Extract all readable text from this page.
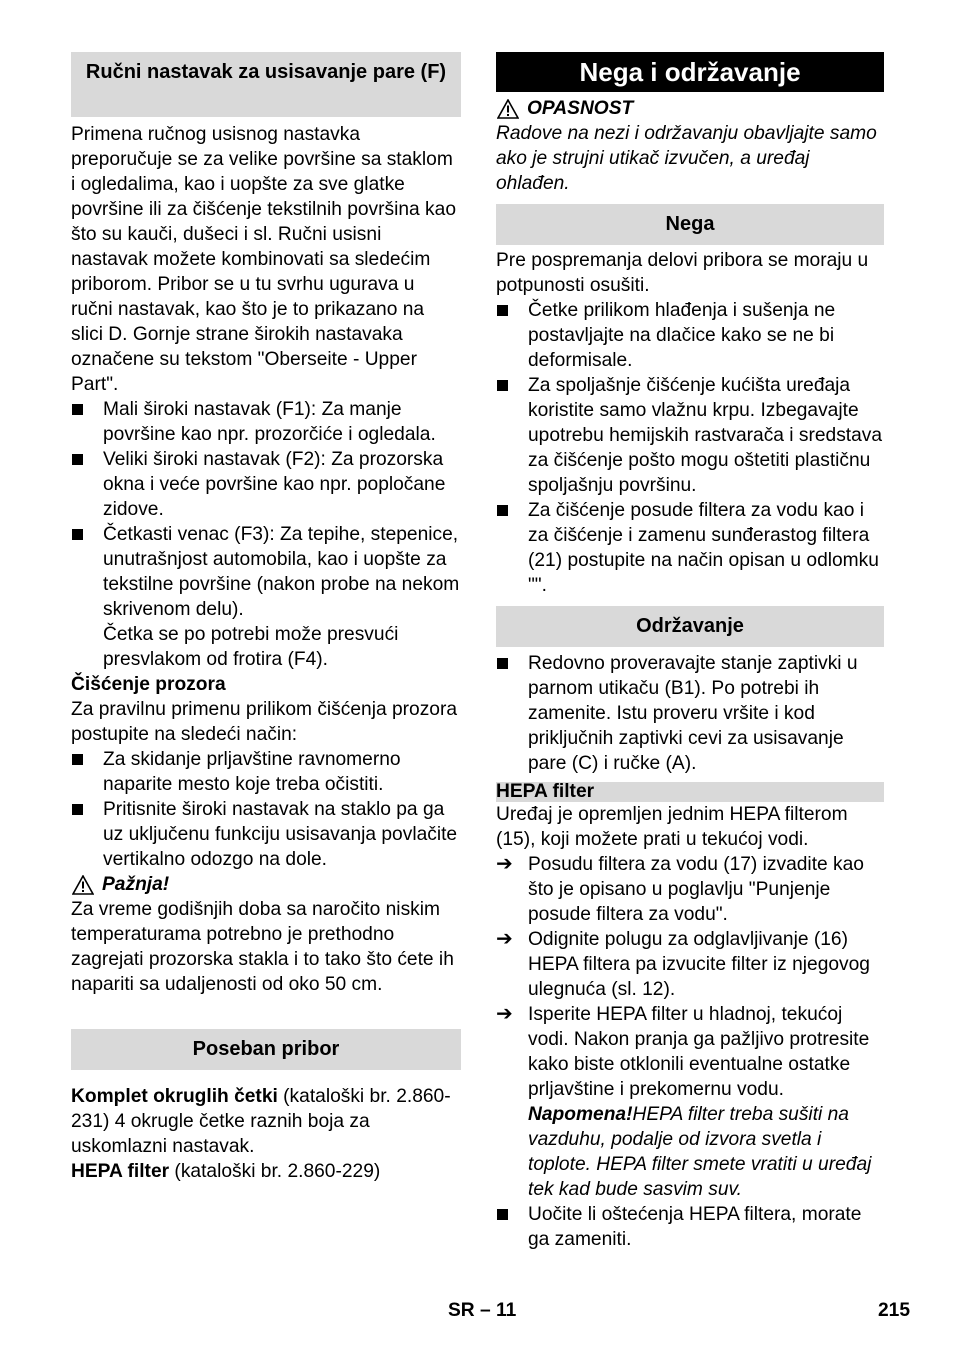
Ručni nastavak za usisavanje pare (F)

Primena ručnog usisnog nastavka preporučuje se za velike površine sa staklom i ogledalima, kao i uopšte za sve glatke površine ili za čišćenje tekstilnih površina kao što su kauči, dušeci i sl. Ručni usisni nastavak možete kombinovati sa sledećim priborom. Pribor se u tu svrhu ugurava u ručni nastavak, kao što je to prikazano na slici D. Gornje strane širokih nastavaka označene su tekstom "Oberseite - Upper Part".

Mali široki nastavak (F1): Za manje površine kao npr. prozorčiće i ogledala.
Veliki široki nastavak (F2): Za prozorska okna i veće površine kao npr. popločane zidove.
Četkasti venac (F3): Za tepihe, stepenice, unutrašnjost automobila, kao i uopšte za tekstilne površine (nakon probe na nekom skrivenom delu).
Četka se po potrebi može presvući presvlakom od frotira (F4).

Čišćenje prozora

Za pravilnu primenu prilikom čišćenja prozora postupite na sledeći način:

Za skidanje prljavštine ravnomerno naparite mesto koje treba očistiti.
Pritisnite široki nastavak na staklo pa ga uz uključenu funkciju usisavanja povlačite vertikalno odozgo na dole.
Pažnja!

Za vreme godišnjih doba sa naročito niskim temperaturama potrebno je prethodno zagrejati prozorska stakla i to tako što ćete ih napariti sa udaljenosti od oko 50 cm.

Poseban pribor

Komplet okruglih četki (kataloški br. 2.860-231) 4 okrugle četke raznih boja za uskomlazni nastavak.

HEPA filter (kataloški br. 2.860-229)

Nega i održavanje
OPASNOST

Radove na nezi i održavanju obavljajte samo ako je strujni utikač izvučen, a uređaj ohlađen.

Nega

Pre pospremanja delovi pribora se moraju u potpunosti osušiti.

Četke prilikom hlađenja i sušenja ne postavljajte na dlačice kako se ne bi deformisale.
Za spoljašnje čišćenje kućišta uređaja koristite samo vlažnu krpu. Izbegavajte upotrebu hemijskih rastvarača i sredstava za čišćenje pošto mogu oštetiti plastičnu spoljašnju površinu.
Za čišćenje posude filtera za vodu kao i za čišćenje i zamenu sunđerastog filtera (21) postupite na način opisan u odlomku "".
Održavanje
Redovno proveravajte stanje zaptivki u parnom utikaču (B1). Po potrebi ih zamenite. Istu proveru vršite i kod priključnih zaptivki cevi za usisavanje pare (C) i ručke (A).
HEPA filter

Uređaj je opremljen jednim HEPA filterom (15), koji možete prati u tekućoj vodi.

➔ Posudu filtera za vodu (17) izvadite kao što je opisano u poglavlju "Punjenje posude filtera za vodu".
➔ Odignite polugu za odglavljivanje (16) HEPA filtera pa izvucite filter iz njegovog ulegnuća (sl. 12).
➔ Isperite HEPA filter u hladnoj, tekućoj vodi. Nakon pranja ga pažljivo protresite kako biste otklonili eventualne ostatke prljavštine i prekomernu vodu.
Napomena!HEPA filter treba sušiti na vazduhu, podalje od izvora svetla i toplote. HEPA filter smete vratiti u uređaj tek kad bude sasvim suv.
Uočite li oštećenja HEPA filtera, morate ga zameniti.
SR – 11	215
